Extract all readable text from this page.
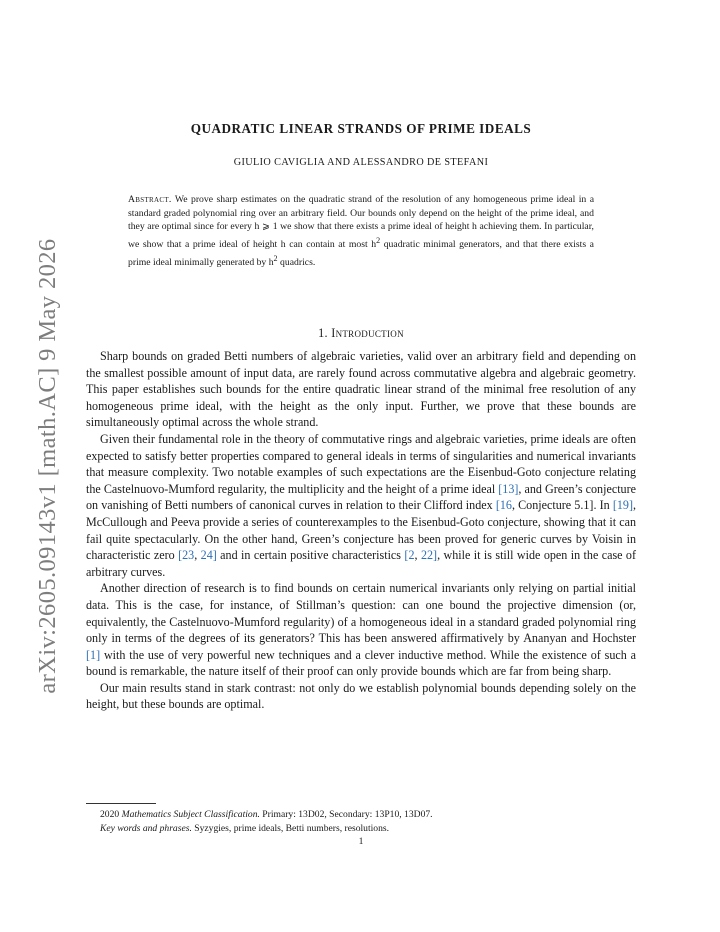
arXiv:2605.09143v1 [math.AC] 9 May 2026
QUADRATIC LINEAR STRANDS OF PRIME IDEALS
GIULIO CAVIGLIA AND ALESSANDRO DE STEFANI
Abstract. We prove sharp estimates on the quadratic strand of the resolution of any homogeneous prime ideal in a standard graded polynomial ring over an arbitrary field. Our bounds only depend on the height of the prime ideal, and they are optimal since for every h ⩾ 1 we show that there exists a prime ideal of height h achieving them. In particular, we show that a prime ideal of height h can contain at most $h^2$ quadratic minimal generators, and that there exists a prime ideal minimally generated by $h^2$ quadrics.
1. Introduction

Sharp bounds on graded Betti numbers of algebraic varieties, valid over an arbitrary field and depending on the smallest possible amount of input data, are rarely found across commutative algebra and algebraic geometry. This paper establishes such bounds for the entire quadratic linear strand of the minimal free resolution of any homogeneous prime ideal, with the height as the only input. Further, we prove that these bounds are simultaneously optimal across the whole strand.

Given their fundamental role in the theory of commutative rings and algebraic varieties, prime ideals are often expected to satisfy better properties compared to general ideals in terms of singularities and numerical invariants that measure complexity. Two notable examples of such expectations are the Eisenbud-Goto conjecture relating the Castelnuovo-Mumford regularity, the multiplicity and the height of a prime ideal [13], and Green’s conjecture on vanishing of Betti numbers of canonical curves in relation to their Clifford index [16, Conjecture 5.1]. In [19], McCullough and Peeva provide a series of counterexamples to the Eisenbud-Goto conjecture, showing that it can fail quite spectacularly. On the other hand, Green’s conjecture has been proved for generic curves by Voisin in characteristic zero [23, 24] and in certain positive characteristics [2, 22], while it is still wide open in the case of arbitrary curves.

Another direction of research is to find bounds on certain numerical invariants only relying on partial initial data. This is the case, for instance, of Stillman’s question: can one bound the projective dimension (or, equivalently, the Castelnuovo-Mumford regularity) of a homogeneous ideal in a standard graded polynomial ring only in terms of the degrees of its generators? This has been answered affirmatively by Ananyan and Hochster [1] with the use of very powerful new techniques and a clever inductive method. While the existence of such a bound is remarkable, the nature itself of their proof can only provide bounds which are far from being sharp.

Our main results stand in stark contrast: not only do we establish polynomial bounds depending solely on the height, but these bounds are optimal.

2020 Mathematics Subject Classification. Primary: 13D02, Secondary: 13P10, 13D07.

Key words and phrases. Syzygies, prime ideals, Betti numbers, resolutions.

1
